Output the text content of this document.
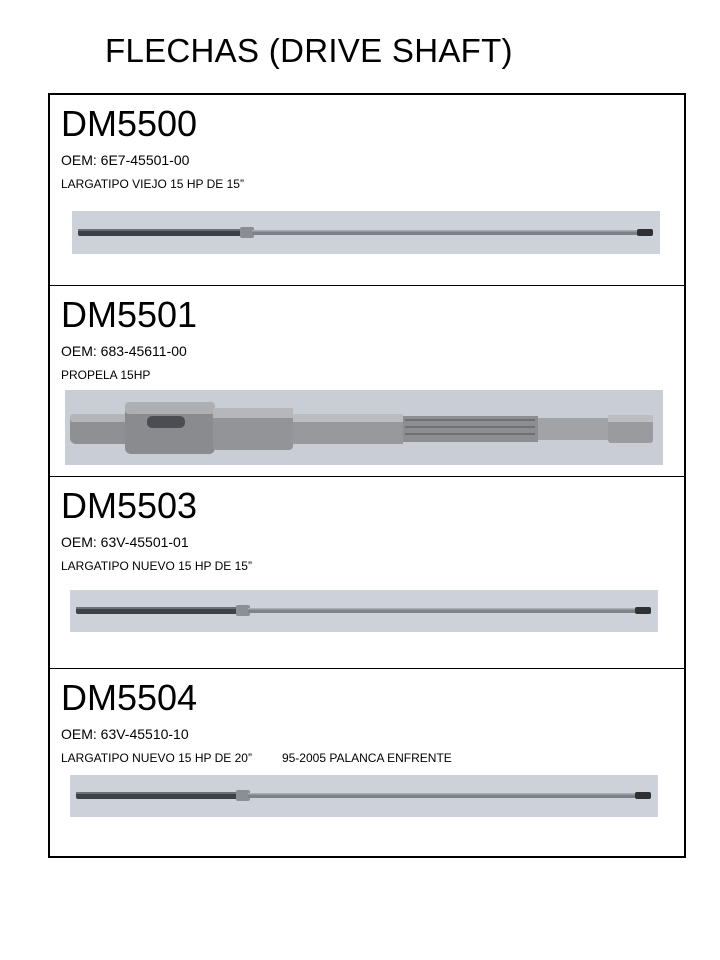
FLECHAS (DRIVE SHAFT)
DM5500
OEM: 6E7-45501-00
LARGATIPO VIEJO 15 HP DE 15”
DM5501
OEM: 683-45611-00
PROPELA 15HP
DM5503
OEM: 63V-45501-01
LARGATIPO NUEVO 15 HP DE 15”
DM5504
OEM: 63V-45510-10
LARGATIPO NUEVO 15 HP DE 20”	95-2005 PALANCA ENFRENTE
